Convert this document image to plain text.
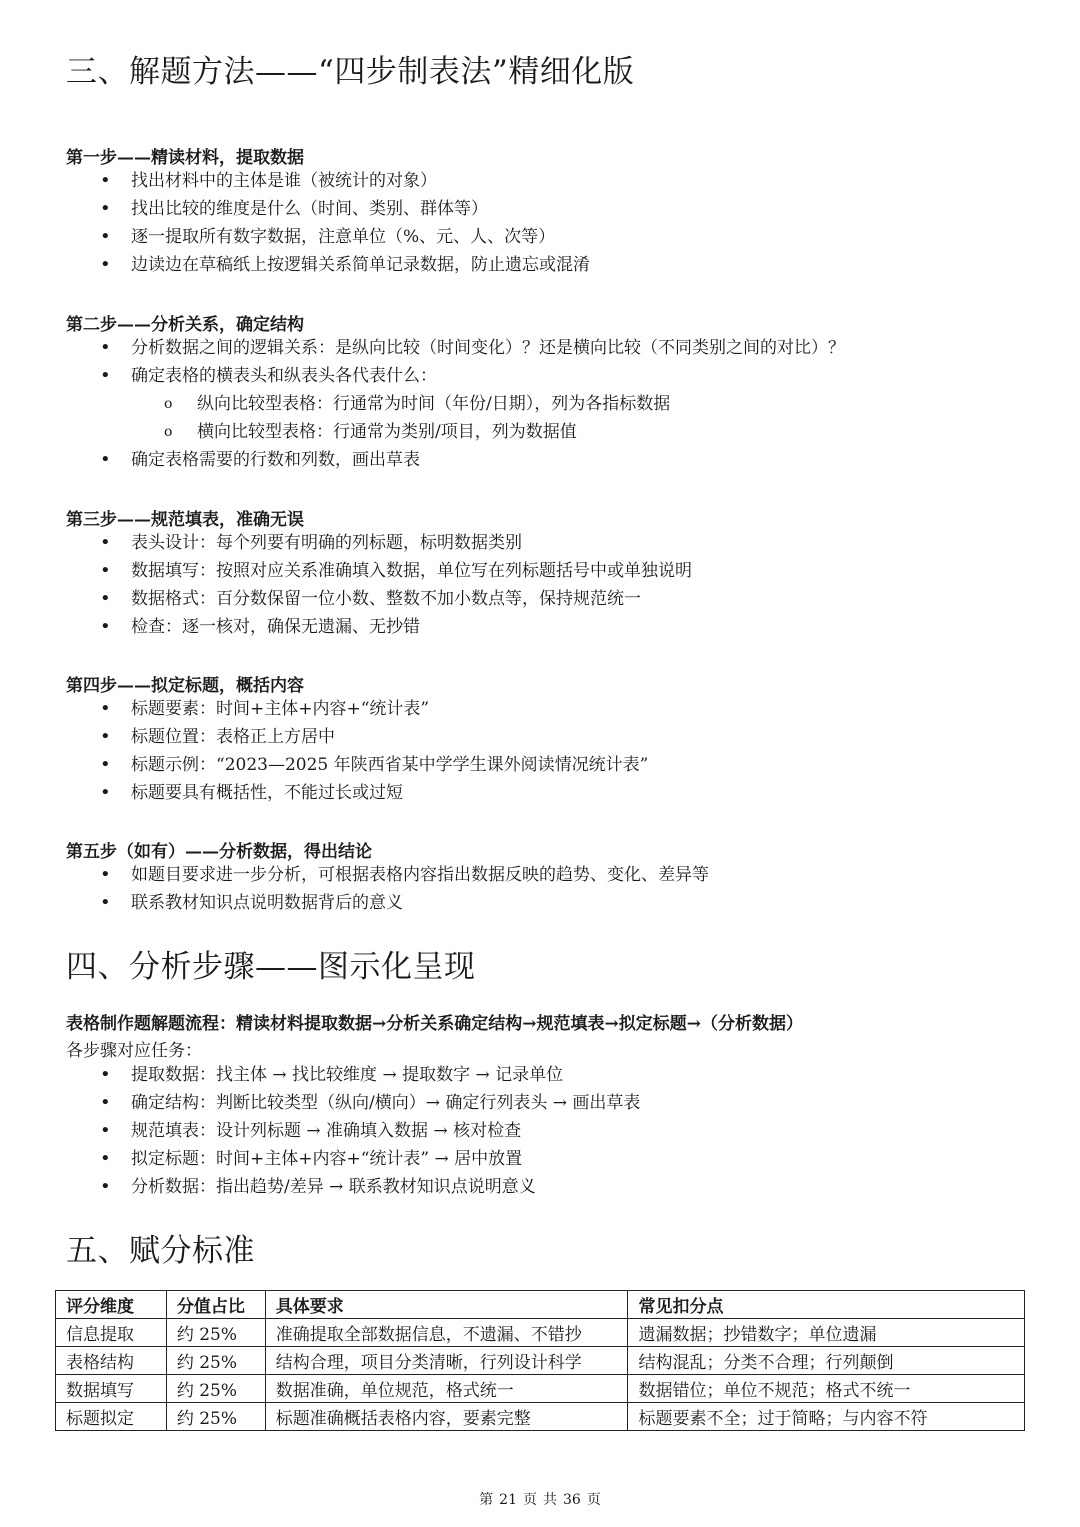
三、解题方法——“四步制表法”精细化版
第一步——精读材料，提取数据
• 找出材料中的主体是谁（被统计的对象）
• 找出比较的维度是什么（时间、类别、群体等）
• 逐一提取所有数字数据，注意单位（%、元、人、次等）
• 边读边在草稿纸上按逻辑关系简单记录数据，防止遗忘或混淆
第二步——分析关系，确定结构
• 分析数据之间的逻辑关系：是纵向比较（时间变化）？还是横向比较（不同类别之间的对比）？
• 确定表格的横表头和纵表头各代表什么：
o 纵向比较型表格：行通常为时间（年份/日期），列为各指标数据
o 横向比较型表格：行通常为类别/项目，列为数据值
• 确定表格需要的行数和列数，画出草表
第三步——规范填表，准确无误
• 表头设计：每个列要有明确的列标题，标明数据类别
• 数据填写：按照对应关系准确填入数据，单位写在列标题括号中或单独说明
• 数据格式：百分数保留一位小数、整数不加小数点等，保持规范统一
• 检查：逐一核对，确保无遗漏、无抄错
第四步——拟定标题，概括内容
• 标题要素：时间+主体+内容+“统计表”
• 标题位置：表格正上方居中
• 标题示例：“2023—2025 年陕西省某中学学生课外阅读情况统计表”
• 标题要具有概括性，不能过长或过短
第五步（如有）——分析数据，得出结论
• 如题目要求进一步分析，可根据表格内容指出数据反映的趋势、变化、差异等
• 联系教材知识点说明数据背后的意义
四、分析步骤——图示化呈现
表格制作题解题流程：精读材料提取数据→分析关系确定结构→规范填表→拟定标题→（分析数据）
各步骤对应任务：
• 提取数据：找主体 → 找比较维度 → 提取数字 → 记录单位
• 确定结构：判断比较类型（纵向/横向）→ 确定行列表头 → 画出草表
• 规范填表：设计列标题 → 准确填入数据 → 核对检查
• 拟定标题：时间+主体+内容+“统计表” → 居中放置
• 分析数据：指出趋势/差异 → 联系教材知识点说明意义
五、赋分标准
评分维度	分值占比	具体要求	常见扣分点
信息提取	约 25%	准确提取全部数据信息，不遗漏、不错抄	遗漏数据；抄错数字；单位遗漏
表格结构	约 25%	结构合理，项目分类清晰，行列设计科学	结构混乱；分类不合理；行列颠倒
数据填写	约 25%	数据准确，单位规范，格式统一	数据错位；单位不规范；格式不统一
标题拟定	约 25%	标题准确概括表格内容，要素完整	标题要素不全；过于简略；与内容不符
第 21 页 共 36 页
